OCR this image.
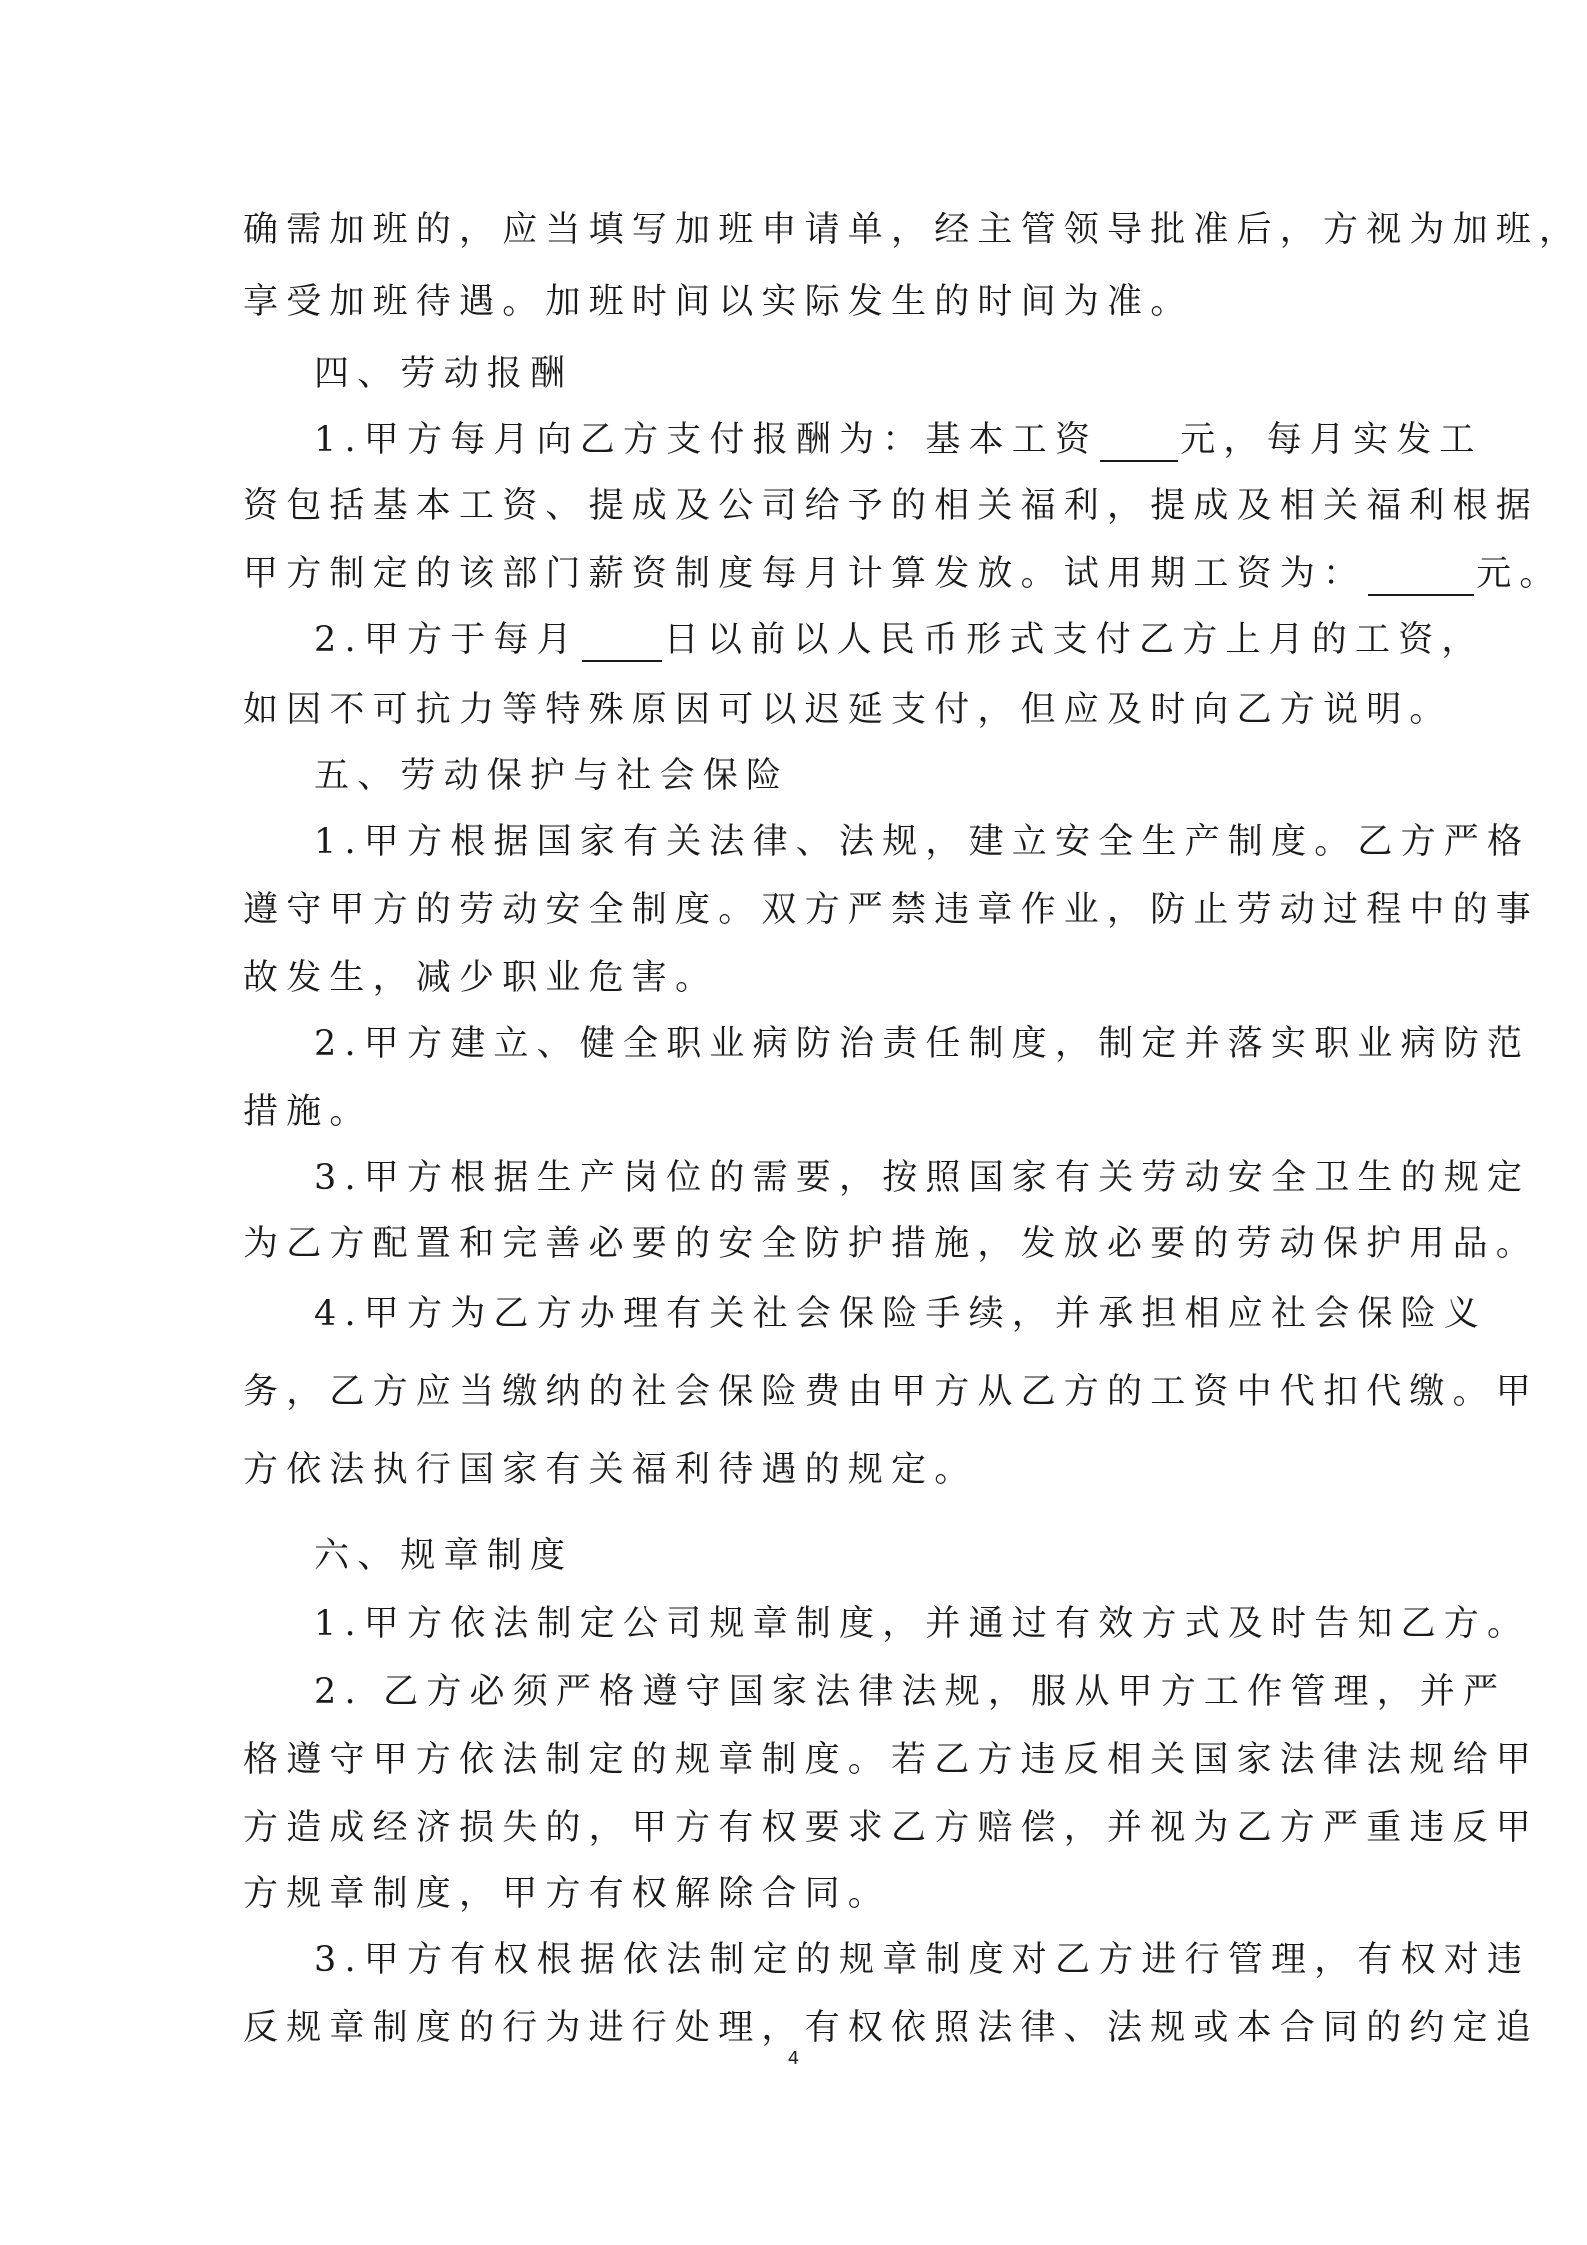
确需加班的，应当填写加班申请单，经主管领导批准后，方视为加班，
享受加班待遇。加班时间以实际发生的时间为准。
四、劳动报酬
1.甲方每月向乙方支付报酬为：基本工资 元，每月实发工
资包括基本工资、提成及公司给予的相关福利，提成及相关福利根据
甲方制定的该部门薪资制度每月计算发放。试用期工资为：	元。
2.甲方于每月 日以前以人民币形式支付乙方上月的工资，
如因不可抗力等特殊原因可以迟延支付，但应及时向乙方说明。
五、劳动保护与社会保险
1.甲方根据国家有关法律、法规，建立安全生产制度。乙方严格
遵守甲方的劳动安全制度。双方严禁违章作业，防止劳动过程中的事
故发生，减少职业危害。
2.甲方建立、健全职业病防治责任制度，制定并落实职业病防范
措施。
3.甲方根据生产岗位的需要，按照国家有关劳动安全卫生的规定
为乙方配置和完善必要的安全防护措施，发放必要的劳动保护用品。
4.甲方为乙方办理有关社会保险手续，并承担相应社会保险义
务，乙方应当缴纳的社会保险费由甲方从乙方的工资中代扣代缴。甲
方依法执行国家有关福利待遇的规定。
六、规章制度
1.甲方依法制定公司规章制度，并通过有效方式及时告知乙方。
2. 乙方必须严格遵守国家法律法规，服从甲方工作管理，并严
格遵守甲方依法制定的规章制度。若乙方违反相关国家法律法规给甲
方造成经济损失的，甲方有权要求乙方赔偿，并视为乙方严重违反甲
方规章制度，甲方有权解除合同。
3.甲方有权根据依法制定的规章制度对乙方进行管理，有权对违
反规章制度的行为进行处理，有权依照法律、法规或本合同的约定追
4
